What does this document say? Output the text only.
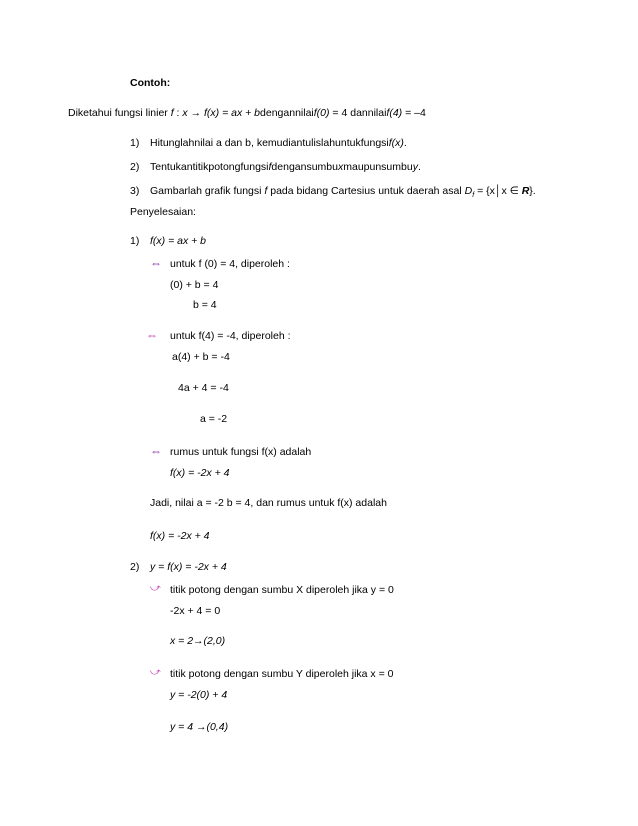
Contoh:
Diketahui fungsi linier f : x → f(x) = ax + bdengannilaif(0) = 4 dannilaif(4) = –4
1) Hitunglahnilai a dan b, kemudiantulislahuntukfungsif(x).
2) Tentukantitikpotongfungsifdengansumbuxmaupunsumbuy.
3) Gambarlah grafik fungsi f pada bidang Cartesius untuk daerah asal $D_f$ = {x│x ∈ R}.
Penyelesaian:
1) f(x) = ax + b
⇔ untuk f (0) = 4, diperoleh :
(0) + b = 4
b = 4
⇔ untuk f(4) = -4, diperoleh :
a(4) + b = -4
4a + 4 = -4
a = -2
⇔ rumus untuk fungsi f(x) adalah
f(x) = -2x + 4
Jadi, nilai a = -2 b = 4, dan rumus untuk f(x) adalah
f(x) = -2x + 4
2) y = f(x) = -2x + 4
⤻ titik potong dengan sumbu X diperoleh jika y = 0
-2x + 4 = 0
x = 2→(2,0)
⤻ titik potong dengan sumbu Y diperoleh jika x = 0
y = -2(0) + 4
y = 4 →(0,4)
